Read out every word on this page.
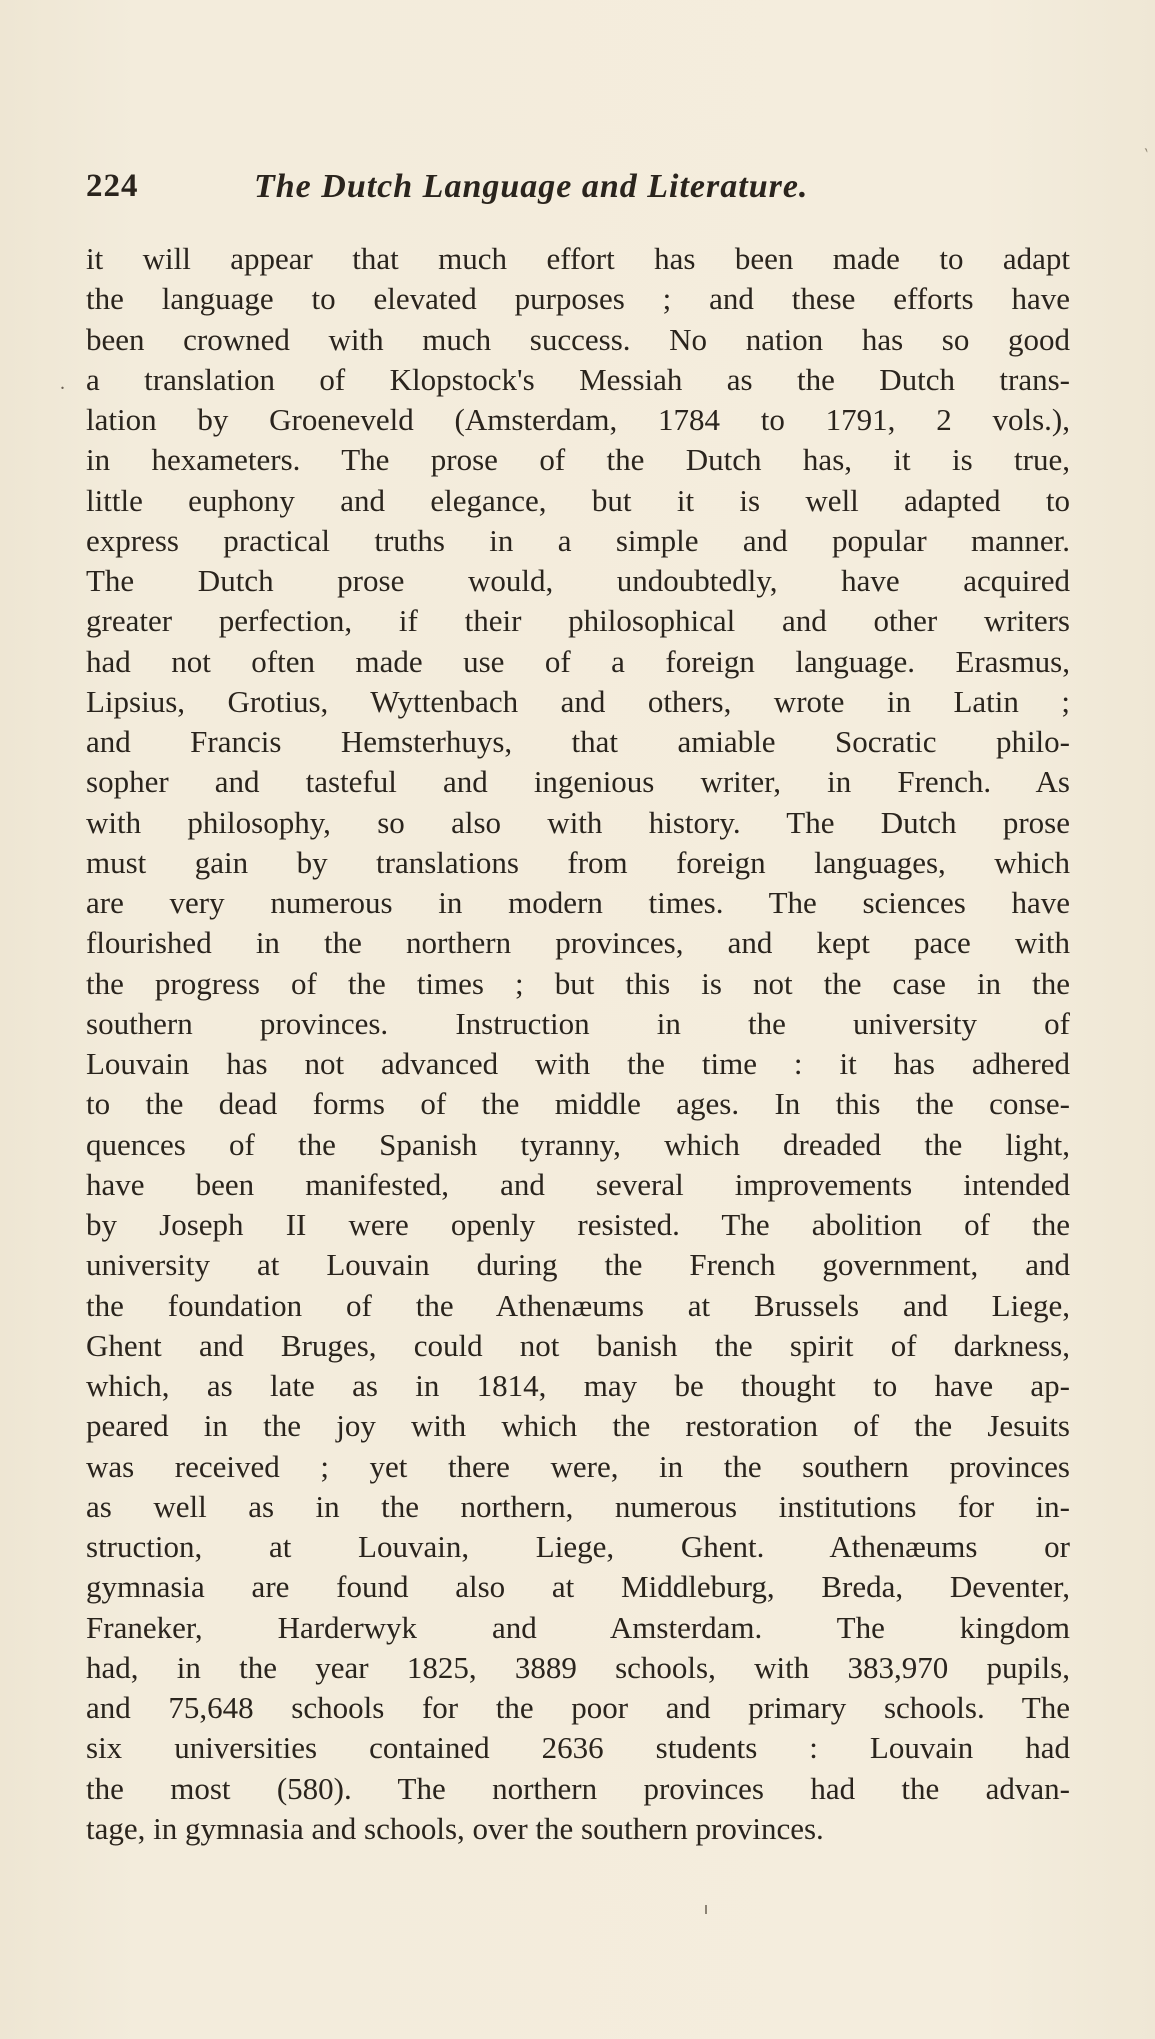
224	The Dutch Language and Literature.
.
`
it will appear that much effort has been made to adapt
the language to elevated purposes ; and these efforts have
been crowned with much success. No nation has so good
a translation of Klopstock's Messiah as the Dutch trans-
lation by Groeneveld (Amsterdam, 1784 to 1791, 2 vols.),
in hexameters. The prose of the Dutch has, it is true,
little euphony and elegance, but it is well adapted to
express practical truths in a simple and popular manner.
The Dutch prose would, undoubtedly, have acquired
greater perfection, if their philosophical and other writers
had not often made use of a foreign language. Erasmus,
Lipsius, Grotius, Wyttenbach and others, wrote in Latin ;
and Francis Hemsterhuys, that amiable Socratic philo-
sopher and tasteful and ingenious writer, in French. As
with philosophy, so also with history. The Dutch prose
must gain by translations from foreign languages, which
are very numerous in modern times. The sciences have
flourished in the northern provinces, and kept pace with
the progress of the times ; but this is not the case in the
southern provinces. Instruction in the university of
Louvain has not advanced with the time : it has adhered
to the dead forms of the middle ages. In this the conse-
quences of the Spanish tyranny, which dreaded the light,
have been manifested, and several improvements intended
by Joseph II were openly resisted. The abolition of the
university at Louvain during the French government, and
the foundation of the Athenæums at Brussels and Liege,
Ghent and Bruges, could not banish the spirit of darkness,
which, as late as in 1814, may be thought to have ap-
peared in the joy with which the restoration of the Jesuits
was received ; yet there were, in the southern provinces
as well as in the northern, numerous institutions for in-
struction, at Louvain, Liege, Ghent. Athenæums or
gymnasia are found also at Middleburg, Breda, Deventer,
Franeker, Harderwyk and Amsterdam. The kingdom
had, in the year 1825, 3889 schools, with 383,970 pupils,
and 75,648 schools for the poor and primary schools. The
six universities contained 2636 students : Louvain had
the most (580). The northern provinces had the advan-
tage, in gymnasia and schools, over the southern provinces.
